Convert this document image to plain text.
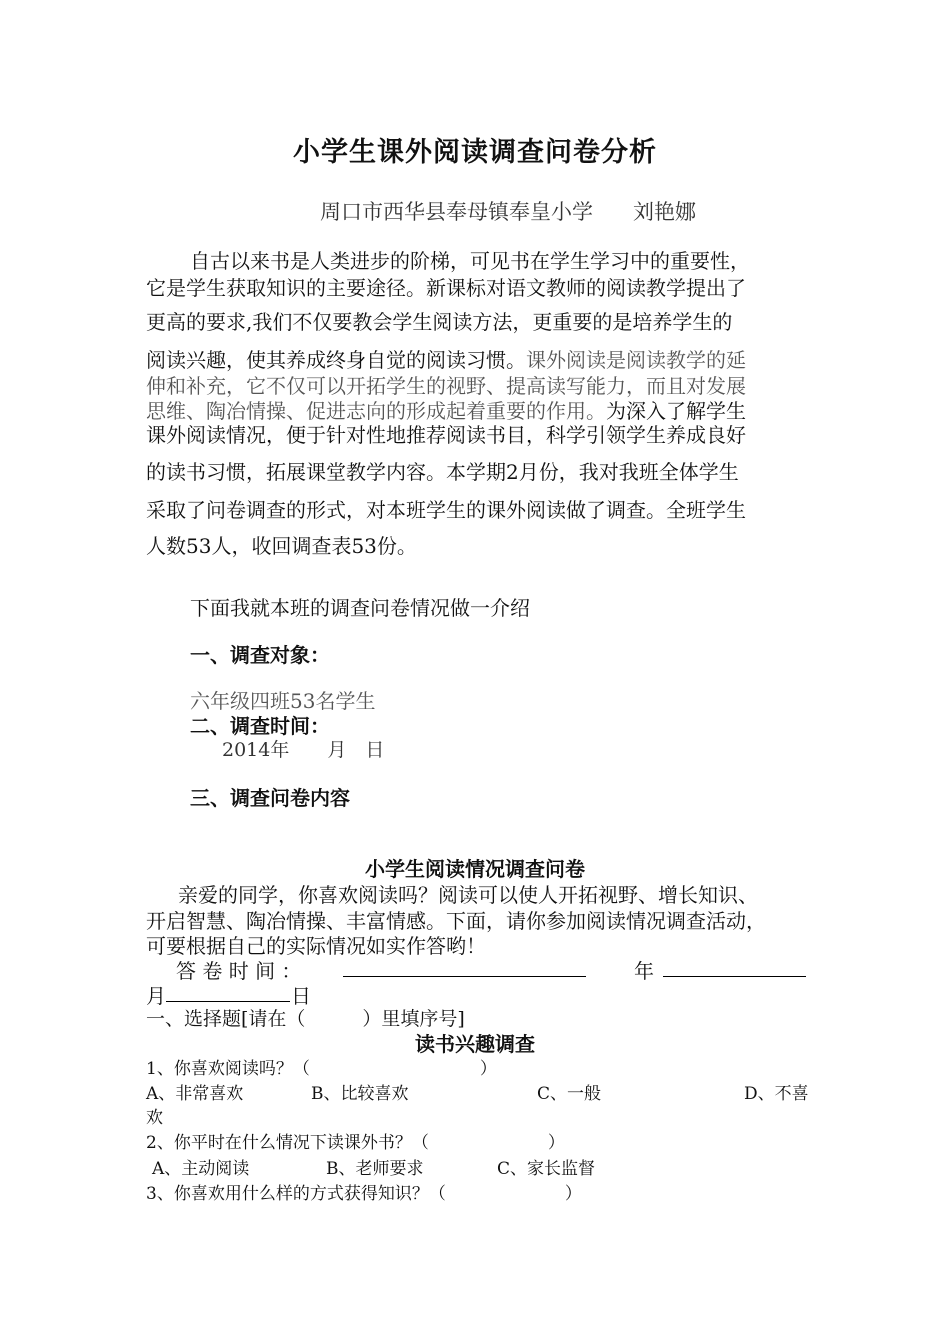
小学生课外阅读调查问卷分析
周口市西华县奉母镇奉皇小学 刘艳娜
自古以来书是人类进步的阶梯，可见书在学生学习中的重要性，
它是学生获取知识的主要途径。新课标对语文教师的阅读教学提出了
更高的要求,我们不仅要教会学生阅读方法，更重要的是培养学生的
阅读兴趣，使其养成终身自觉的阅读习惯。课外阅读是阅读教学的延
伸和补充，它不仅可以开拓学生的视野、提高读写能力，而且对发展
思维、陶冶情操、促进志向的形成起着重要的作用。为深入了解学生
课外阅读情况，便于针对性地推荐阅读书目，科学引领学生养成良好
的读书习惯，拓展课堂教学内容。本学期2月份，我对我班全体学生
采取了问卷调查的形式，对本班学生的课外阅读做了调查。全班学生
人数53人，收回调查表53份。
下面我就本班的调查问卷情况做一介绍
一、调查对象：
六年级四班53名学生
二、调查时间：
2014年　　月　日
三、调查问卷内容
小学生阅读情况调查问卷
亲爱的同学，你喜欢阅读吗？阅读可以使人开拓视野、增长知识、
开启智慧、陶冶情操、丰富情感。下面，请你参加阅读情况调查活动，
可要根据自己的实际情况如实作答哟！
答 卷 时 间 ：	年
月	日
一、选择题[请在（　　　）里填序号]
读书兴趣调查
1、你喜欢阅读吗？（　　　　　　　　　　）
A、非常喜欢	B、比较喜欢	C、一般	D、不喜
欢
2、你平时在什么情况下读课外书？（　　　　　　　）
A、主动阅读	B、老师要求	C、家长监督
3、你喜欢用什么样的方式获得知识？（　　　　　　　）
